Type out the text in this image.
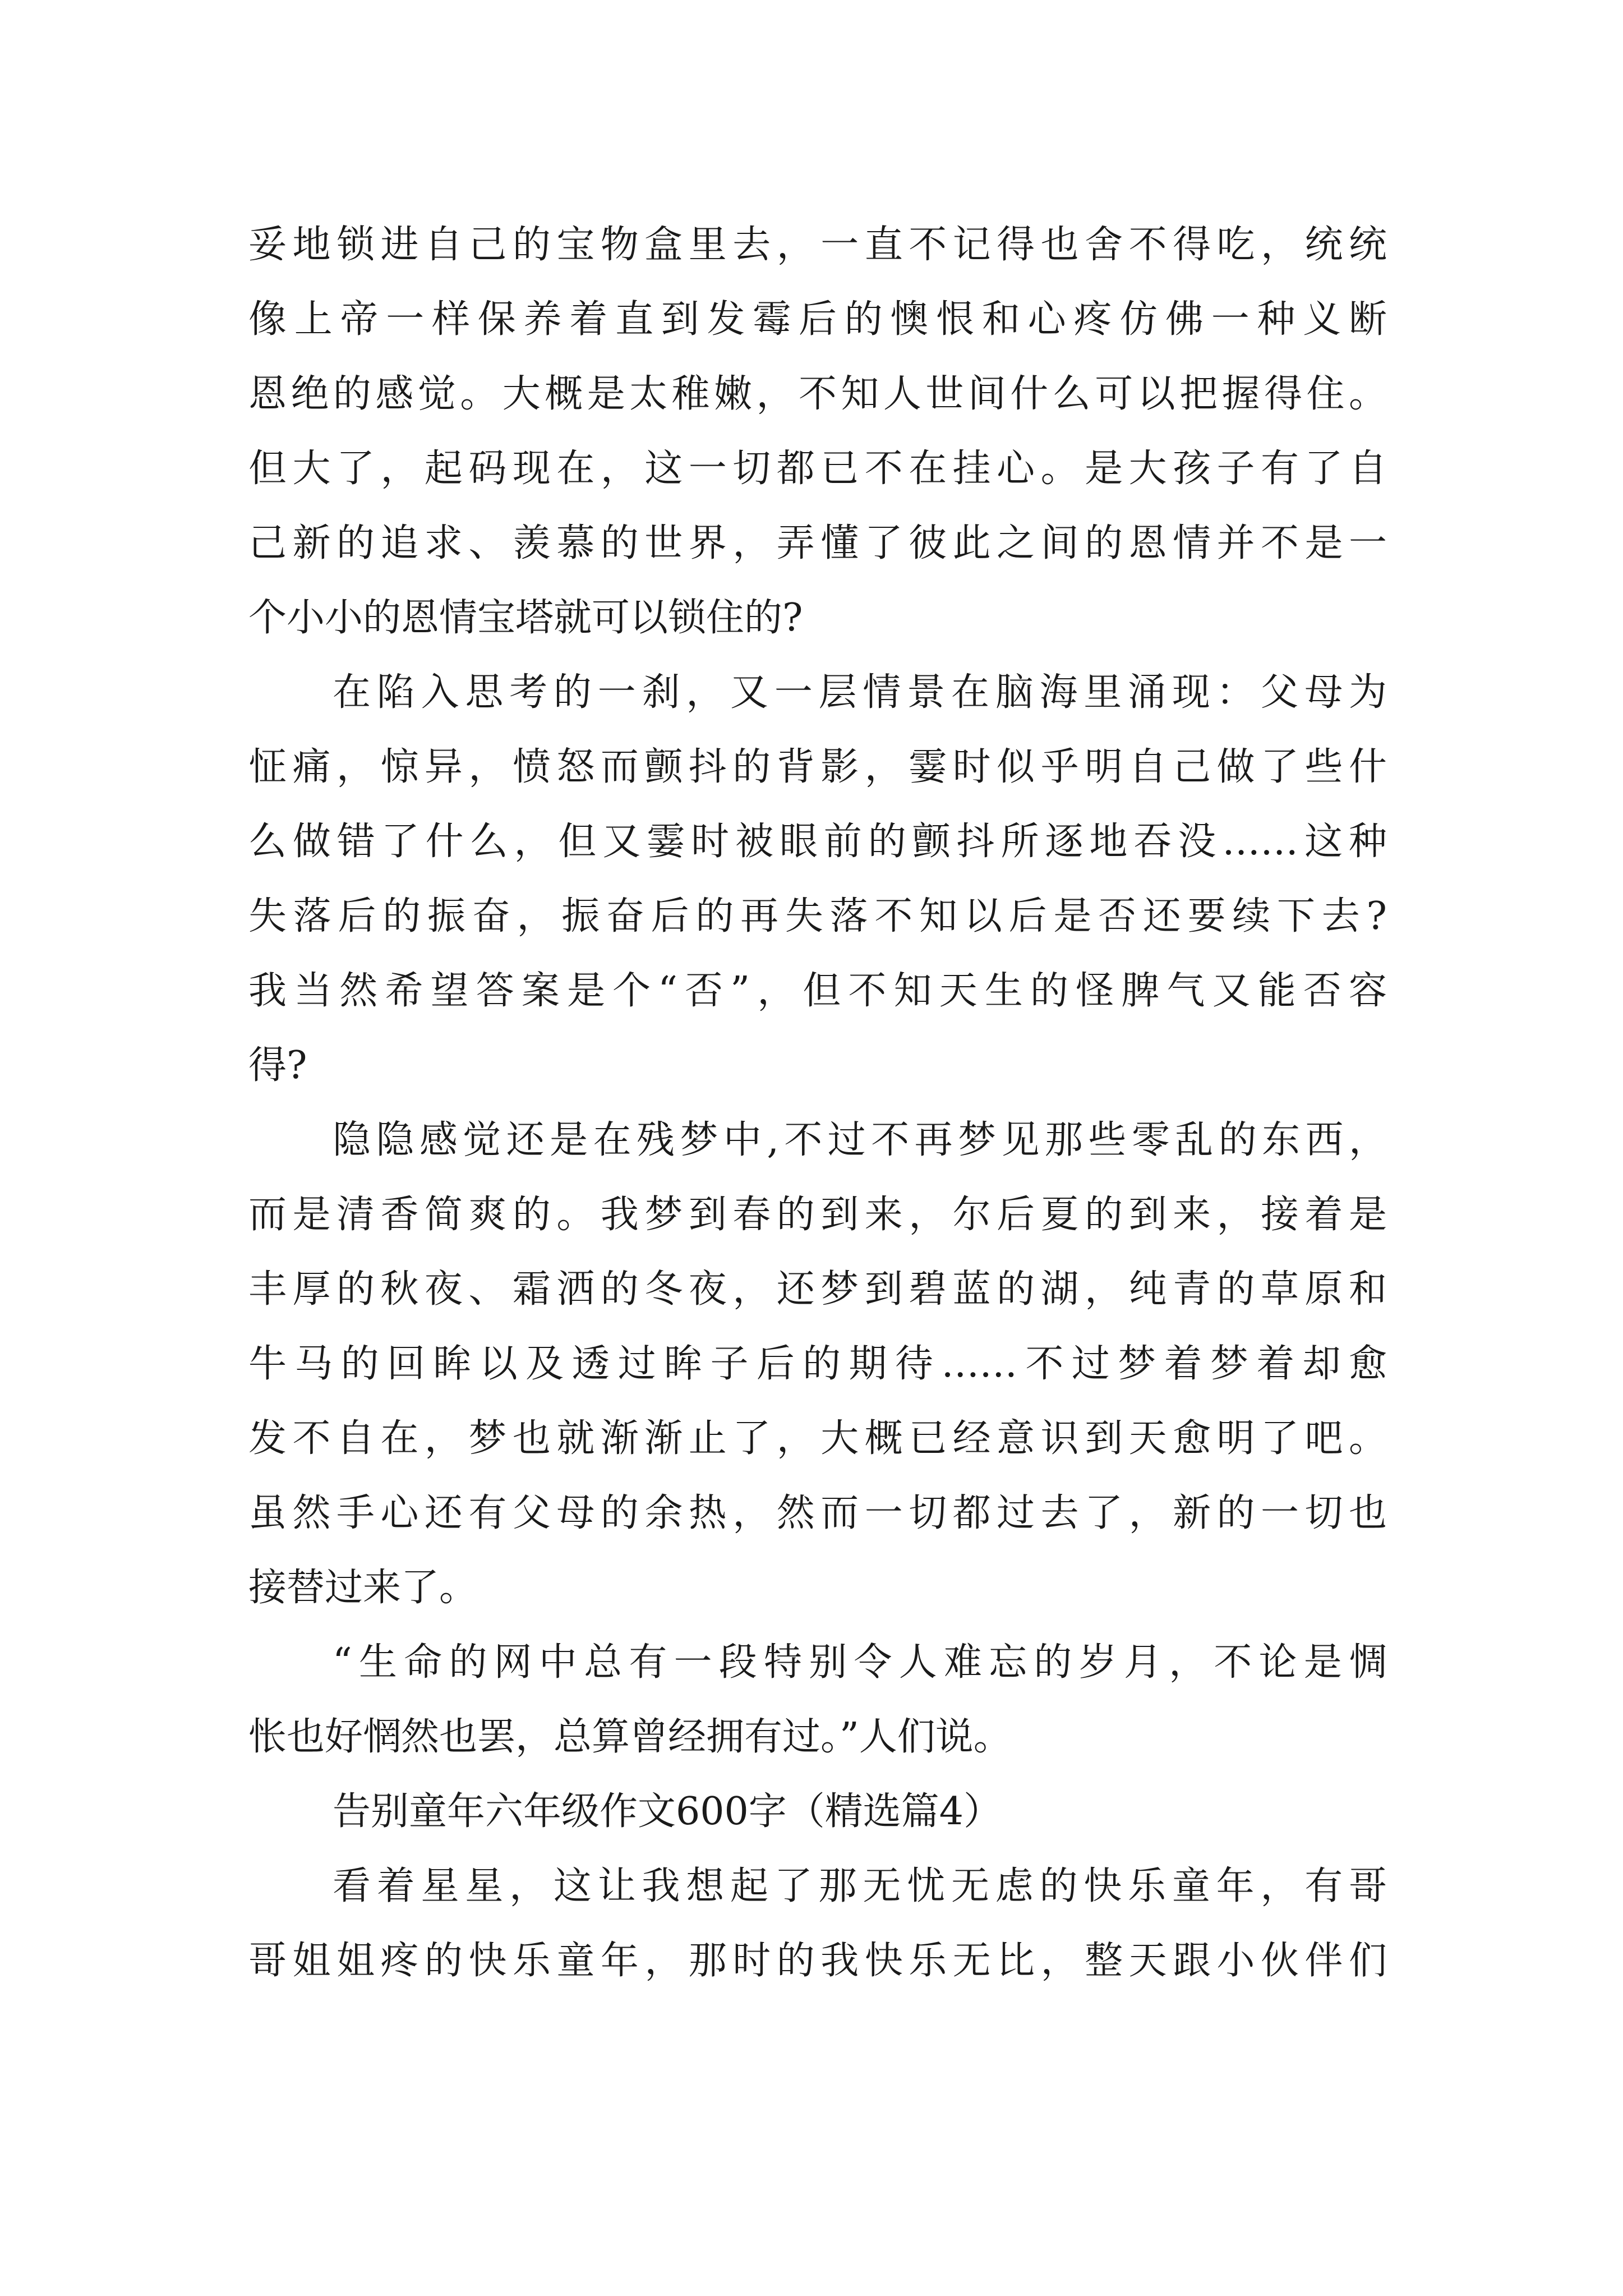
妥地锁进自己的宝物盒里去，一直不记得也舍不得吃，统统
像上帝一样保养着直到发霉后的懊恨和心疼仿佛一种义断
恩绝的感觉。大概是太稚嫩，不知人世间什么可以把握得住。
但大了，起码现在，这一切都已不在挂心。是大孩子有了自
己新的追求、羡慕的世界，弄懂了彼此之间的恩情并不是一
个小小的恩情宝塔就可以锁住的?
在陷入思考的一刹，又一层情景在脑海里涌现：父母为
怔痛，惊异，愤怒而颤抖的背影，霎时似乎明自己做了些什
么做错了什么，但又霎时被眼前的颤抖所逐地吞没……这种
失落后的振奋，振奋后的再失落不知以后是否还要续下去?
我当然希望答案是个“否”，但不知天生的怪脾气又能否容
得?
隐隐感觉还是在残梦中,不过不再梦见那些零乱的东西，
而是清香简爽的。我梦到春的到来，尔后夏的到来，接着是
丰厚的秋夜、霜洒的冬夜，还梦到碧蓝的湖，纯青的草原和
牛马的回眸以及透过眸子后的期待……不过梦着梦着却愈
发不自在，梦也就渐渐止了，大概已经意识到天愈明了吧。
虽然手心还有父母的余热，然而一切都过去了，新的一切也
接替过来了。
“生命的网中总有一段特别令人难忘的岁月，不论是惆
怅也好惘然也罢，总算曾经拥有过。”人们说。
告别童年六年级作文600字（精选篇4）
看着星星，这让我想起了那无忧无虑的快乐童年，有哥
哥姐姐疼的快乐童年，那时的我快乐无比，整天跟小伙伴们
